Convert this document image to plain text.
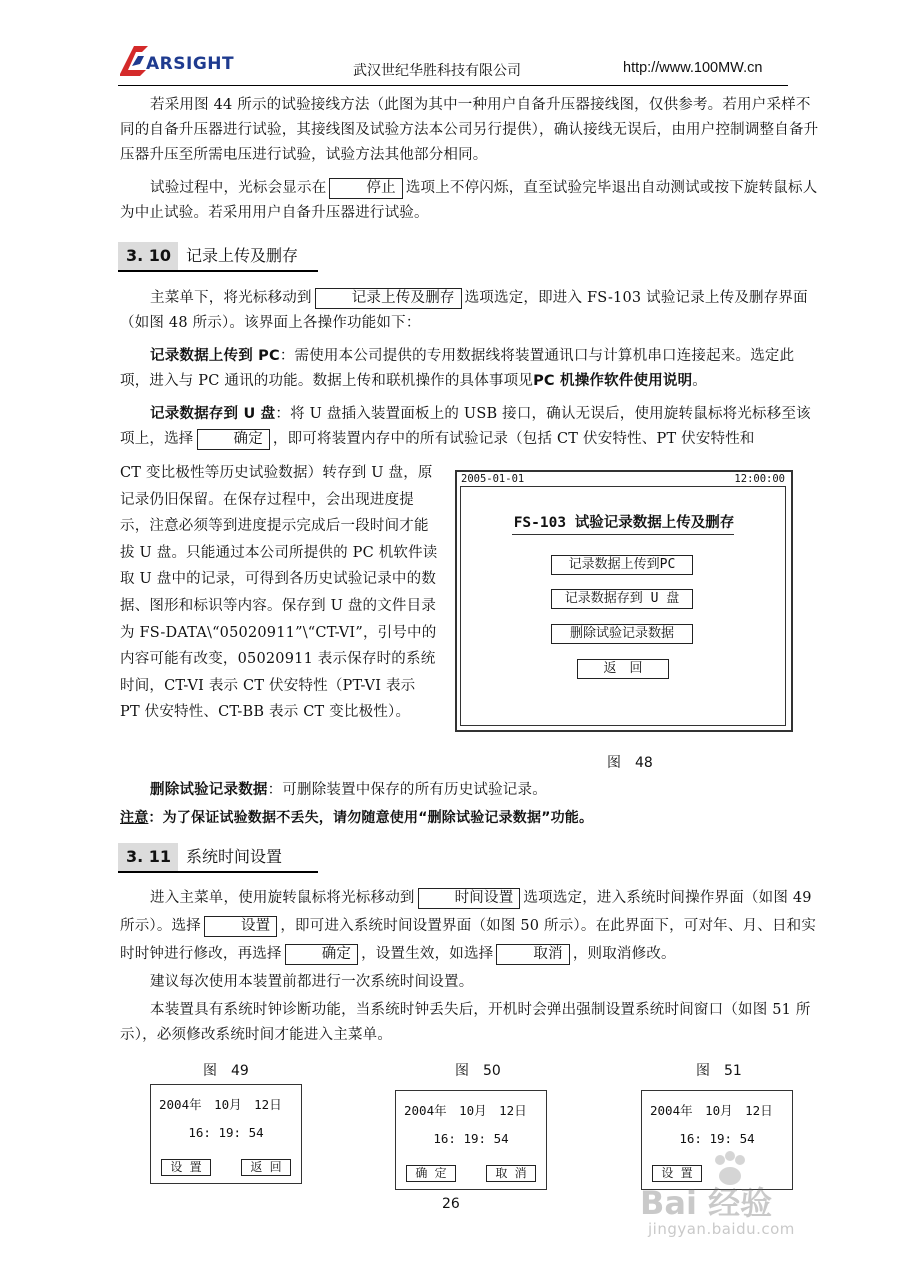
ARSIGHT	武汉世纪华胜科技有限公司	http://www.100MW.cn
若采用图 44 所示的试验接线方法（此图为其中一种用户自备升压器接线图，仅供参考。若用户采样不同的自备升压器进行试验，其接线图及试验方法本公司另行提供），确认接线无误后，由用户控制调整自备升压器升压至所需电压进行试验，试验方法其他部分相同。
试验过程中，光标会显示在	停止 选项上不停闪烁，直至试验完毕退出自动测试或按下旋转鼠标人为中止试验。若采用用户自备升压器进行试验。
3. 10 记录上传及删存
主菜单下，将光标移动到	记录上传及删存 选项选定，即进入 FS-103 试验记录上传及删存界面（如图 48 所示）。该界面上各操作功能如下：
记录数据上传到 PC：需使用本公司提供的专用数据线将装置通讯口与计算机串口连接起来。选定此项，进入与 PC 通讯的功能。数据上传和联机操作的具体事项见PC 机操作软件使用说明。
记录数据存到 U 盘：将 U 盘插入装置面板上的 USB 接口，确认无误后，使用旋转鼠标将光标移至该项上，选择	确定 ，即可将装置内存中的所有试验记录（包括 CT 伏安特性、PT 伏安特性和
CT 变比极性等历史试验数据）转存到 U 盘，原记录仍旧保留。在保存过程中，会出现进度提示，注意必须等到进度提示完成后一段时间才能拔 U 盘。只能通过本公司所提供的 PC 机软件读取 U 盘中的记录，可得到各历史试验记录中的数据、图形和标识等内容。保存到 U 盘的文件目录为 FS-DATA\“05020911”\“CT-VI”，引号中的内容可能有改变，05020911 表示保存时的系统时间，CT-VI 表示 CT 伏安特性（PT-VI 表示 PT 伏安特性、CT-BB 表示 CT 变比极性）。
2005-01-01	12:00:00
FS-103 试验记录数据上传及删存
记录数据上传到PC
记录数据存到 U 盘
删除试验记录数据
返　回
图　48
删除试验记录数据：可删除装置中保存的所有历史试验记录。
注意：为了保证试验数据不丢失，请勿随意使用“删除试验记录数据”功能。
3. 11 系统时间设置
进入主菜单，使用旋转鼠标将光标移动到	时间设置 选项选定，进入系统时间操作界面（如图 49 所示）。选择	设置 ，即可进入系统时间设置界面（如图 50 所示）。在此界面下，可对年、月、日和实时时钟进行修改，再选择	确定 ，设置生效，如选择	取消 ，则取消修改。
建议每次使用本装置前都进行一次系统时间设置。
本装置具有系统时钟诊断功能，当系统时钟丢失后，开机时会弹出强制设置系统时间窗口（如图 51 所示），必须修改系统时间才能进入主菜单。
图　49	图　50	图　51
2004年　10月　12日
16: 19: 54
设 置	返 回
2004年　10月　12日
16: 19: 54
确 定	取 消
2004年　10月　12日
16: 19: 54
设 置
26	Bai 经验
jingyan.baidu.com
